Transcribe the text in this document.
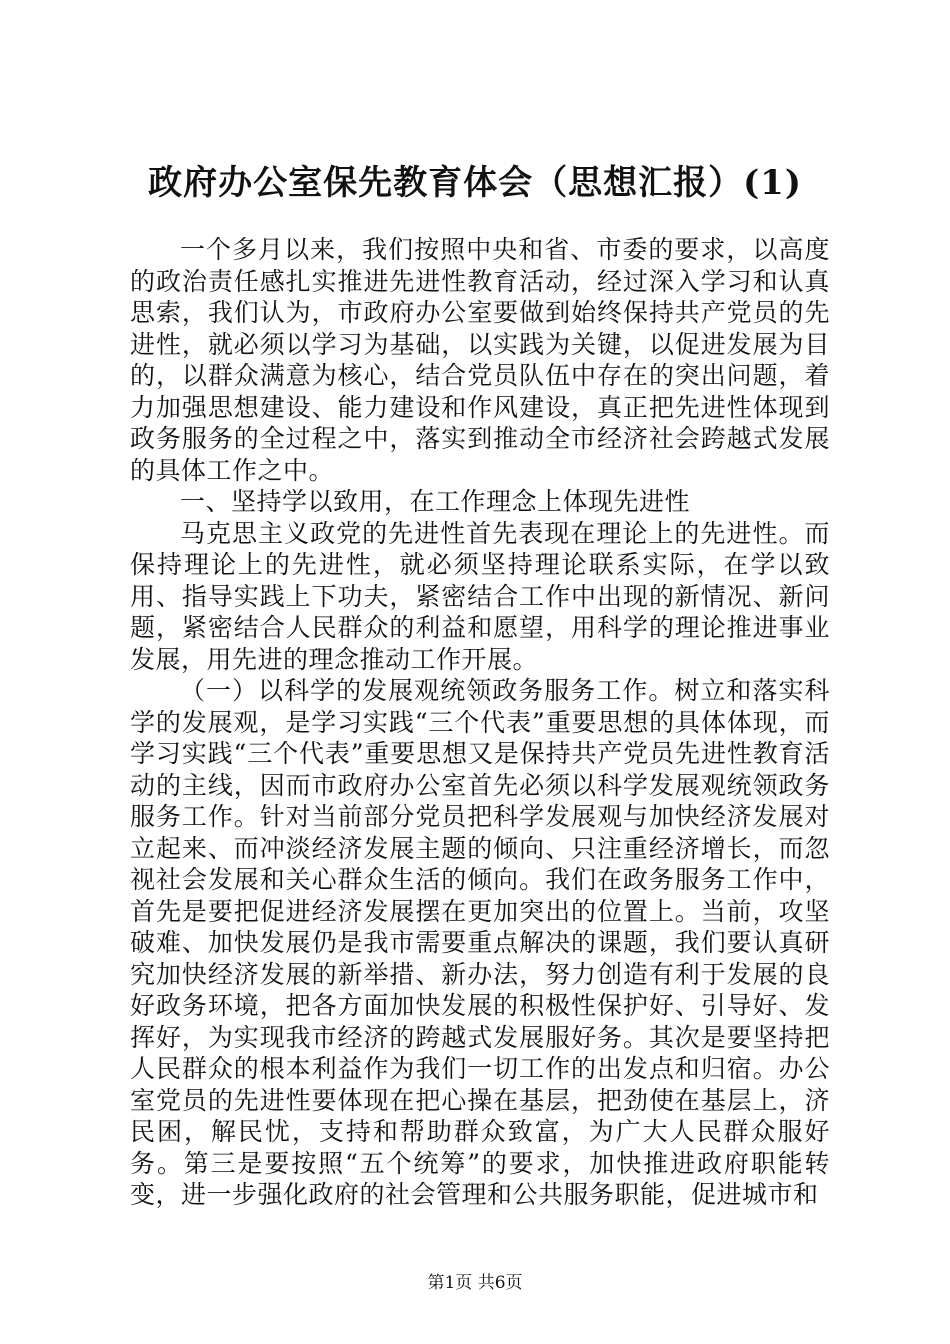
政府办公室保先教育体会（思想汇报）(1)

一个多月以来，我们按照中央和省、市委的要求，以高度的政治责任感扎实推进先进性教育活动，经过深入学习和认真思索，我们认为，市政府办公室要做到始终保持共产党员的先进性，就必须以学习为基础，以实践为关键，以促进发展为目的，以群众满意为核心，结合党员队伍中存在的突出问题，着力加强思想建设、能力建设和作风建设，真正把先进性体现到政务服务的全过程之中，落实到推动全市经济社会跨越式发展的具体工作之中。

一、坚持学以致用，在工作理念上体现先进性

马克思主义政党的先进性首先表现在理论上的先进性。而保持理论上的先进性，就必须坚持理论联系实际，在学以致用、指导实践上下功夫，紧密结合工作中出现的新情况、新问题，紧密结合人民群众的利益和愿望，用科学的理论推进事业发展，用先进的理念推动工作开展。

（一）以科学的发展观统领政务服务工作。树立和落实科学的发展观，是学习实践“三个代表”重要思想的具体体现，而学习实践“三个代表”重要思想又是保持共产党员先进性教育活动的主线，因而市政府办公室首先必须以科学发展观统领政务服务工作。针对当前部分党员把科学发展观与加快经济发展对立起来、而冲淡经济发展主题的倾向、只注重经济增长，而忽视社会发展和关心群众生活的倾向。我们在政务服务工作中，首先是要把促进经济发展摆在更加突出的位置上。当前，攻坚破难、加快发展仍是我市需要重点解决的课题，我们要认真研究加快经济发展的新举措、新办法，努力创造有利于发展的良好政务环境，把各方面加快发展的积极性保护好、引导好、发挥好，为实现我市经济的跨越式发展服好务。其次是要坚持把人民群众的根本利益作为我们一切工作的出发点和归宿。办公室党员的先进性要体现在把心操在基层，把劲使在基层上，济民困，解民忧，支持和帮助群众致富，为广大人民群众服好务。第三是要按照“五个统筹”的要求，加快推进政府职能转变，进一步强化政府的社会管理和公共服务职能，促进城市和

第1页 共6页
